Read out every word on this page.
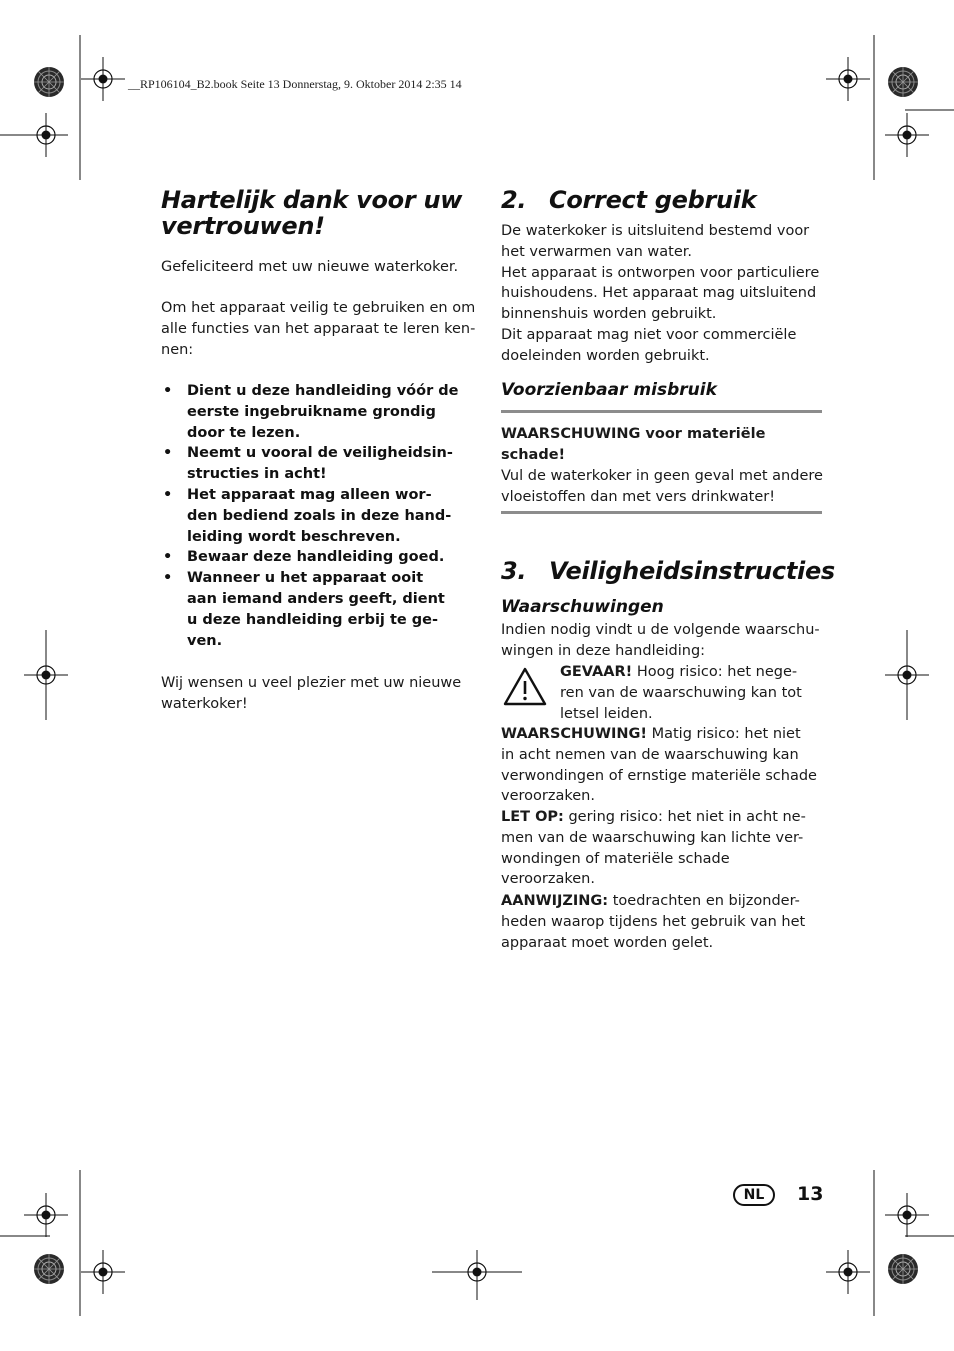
__RP106104_B2.book Seite 13 Donnerstag, 9. Oktober 2014 2:35 14
Hartelijk dank voor uw
vertrouwen!

Gefeliciteerd met uw nieuwe waterkoker.

Om het apparaat veilig te gebruiken en om
alle functies van het apparaat te leren ken-
nen:

• Dient u deze handleiding vóór de
eerste ingebruikname grondig
door te lezen.
• Neemt u vooral de veiligheidsin-
structies in acht!
• Het apparaat mag alleen wor-
den bediend zoals in deze hand-
leiding wordt beschreven.
• Bewaar deze handleiding goed.
• Wanneer u het apparaat ooit
aan iemand anders geeft, dient
u deze handleiding erbij te ge-
ven.

Wij wensen u veel plezier met uw nieuwe
waterkoker!

2. Correct gebruik

De waterkoker is uitsluitend bestemd voor
het verwarmen van water.
Het apparaat is ontworpen voor particuliere
huishoudens. Het apparaat mag uitsluitend
binnenshuis worden gebruikt.
Dit apparaat mag niet voor commerciële
doeleinden worden gebruikt.

Voorzienbaar misbruik

WAARSCHUWING voor materiële
schade!

Vul de waterkoker in geen geval met andere
vloeistoffen dan met vers drinkwater!

3. Veiligheidsinstructies
Waarschuwingen

Indien nodig vindt u de volgende waarschu-
wingen in deze handleiding:

GEVAAR! Hoog risico: het nege-
ren van de waarschuwing kan tot
letsel leiden.

WAARSCHUWING! Matig risico: het niet
in acht nemen van de waarschuwing kan
verwondingen of ernstige materiële schade
veroorzaken.

LET OP: gering risico: het niet in acht ne-
men van de waarschuwing kan lichte ver-
wondingen of materiële schade
veroorzaken.

AANWIJZING: toedrachten en bijzonder-
heden waarop tijdens het gebruik van het
apparaat moet worden gelet.

NL	13
